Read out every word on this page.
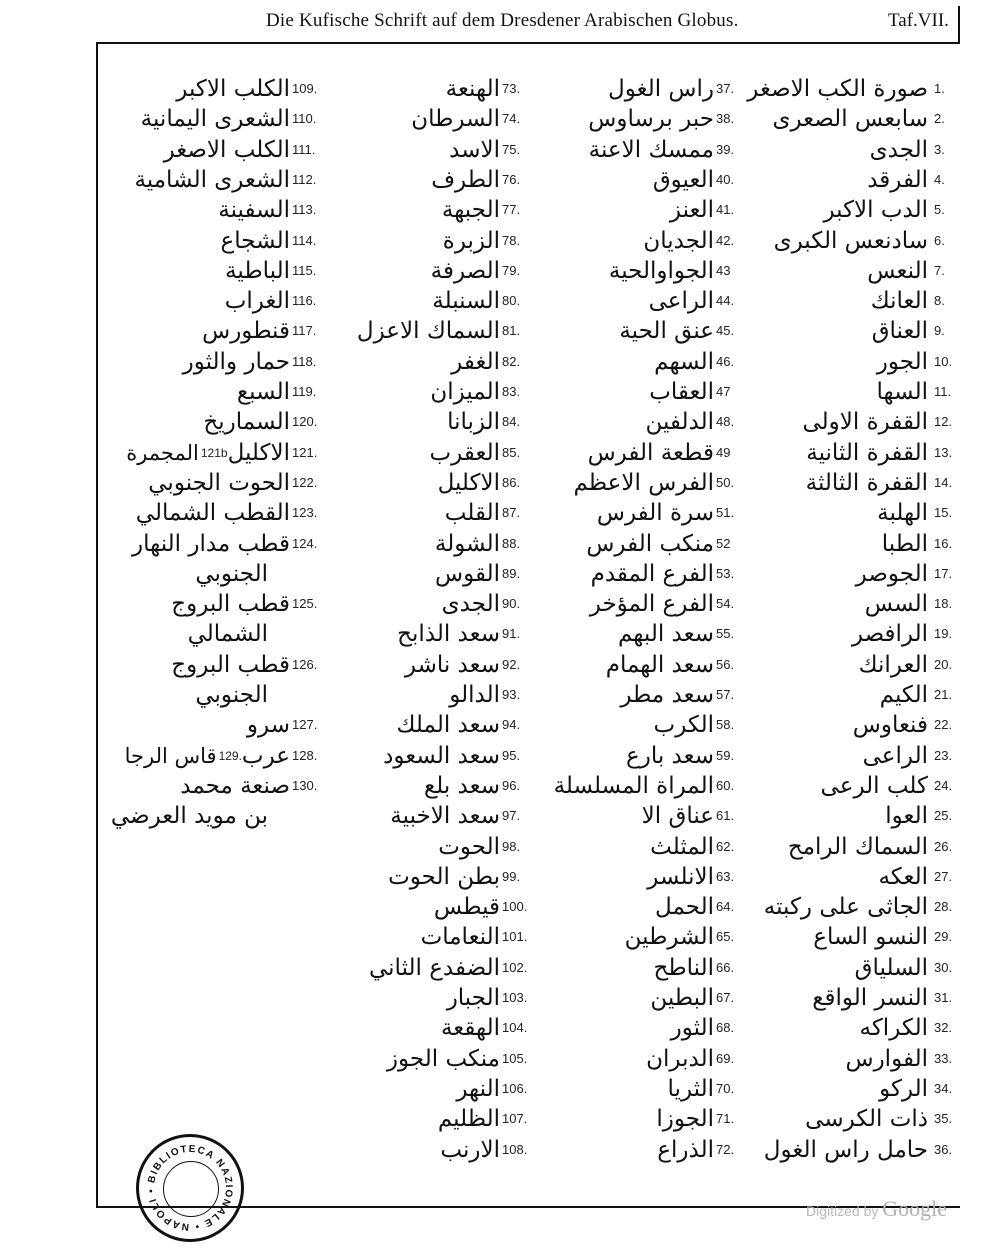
Die Kufische Schrift auf dem Dresdener Arabischen Globus.	Taf.VII.
صورة الكب الاصغر 1.
سابعس الصعرى 2.
الجدى 3.
الفرقد 4.
الدب الاكبر 5.
سادنعس الكبرى 6.
النعس 7.
العانك 8.
العناق 9.
الجور 10.
السها 11.
القفرة الاولى 12.
القفرة الثانية 13.
القفرة الثالثة 14.
الهلبة 15.
الطبا 16.
الجوصر 17.
السس 18.
الرافصر 19.
العرانك 20.
الكيم 21.
فنعاوس 22.
الراعى 23.
كلب الرعى 24.
العوا 25.
السماك الرامح 26.
العكه 27.
الجاثى على ركبته 28.
النسو الساع 29.
السلياق 30.
النسر الواقع 31.
الكراكه 32.
الفوارس 33.
الركو 34.
ذات الكرسى 35.
حامل راس الغول 36.
راس الغول 37.
حبر برساوس 38.
ممسك الاعنة 39.
العيوق 40.
العنز 41.
الجديان 42.
الجواوالحية 43
الراعى 44.
عنق الحية 45.
السهم 46.
العقاب 47
الدلفين 48.
قطعة الفرس 49
الفرس الاعظم 50.
سرة الفرس 51.
منكب الفرس 52
الفرع المقدم 53.
الفرع المؤخر 54.
سعد البهم 55.
سعد الهمام 56.
سعد مطر 57.
الكرب 58.
سعد بارع 59.
المراة المسلسلة 60.
عناق الا 61.
المثلث 62.
الانلسر 63.
الحمل 64.
الشرطين 65.
الناطح 66.
البطين 67.
الثور 68.
الدبران 69.
الثريا 70.
الجوزا 71.
الذراع 72.
الهنعة 73.
السرطان 74.
الاسد 75.
الطرف 76.
الجبهة 77.
الزبرة 78.
الصرفة 79.
السنبلة 80.
السماك الاعزل 81.
الغفر 82.
الميزان 83.
الزبانا 84.
العقرب 85.
الاكليل 86.
القلب 87.
الشولة 88.
القوس 89.
الجدى 90.
سعد الذابح 91.
سعد ناشر 92.
الدالو 93.
سعد الملك 94.
سعد السعود 95.
سعد بلع 96.
سعد الاخبية 97.
الحوت 98.
بطن الحوت 99.
قيطس 100.
النعامات 101.
الضفدع الثاني 102.
الجبار 103.
الهقعة 104.
منكب الجوز 105.
النهر 106.
الظليم 107.
الارنب 108.
الكلب الاكبر 109.
الشعرى اليمانية 110.
الكلب الاصغر 111.
الشعرى الشامية 112.
السفينة 113.
الشجاع 114.
الباطية 115.
الغراب 116.
قنطورس 117.
حمار والثور 118.
السبع 119.
السماريخ 120.
المجمرة 121b الاكليل 121.
الحوت الجنوبي 122.
القطب الشمالي 123.
قطب مدار النهار 124.
الجنوبي
قطب البروج 125.
الشمالي
قطب البروج 126.
الجنوبي
سرو 127.
قاس الرجا 129. عرب 128.
صنعة محمد 130.
بن مويد العرضي
BIBLIOTECA NAZIONALE • NAPOLI •
Digitized by Google
